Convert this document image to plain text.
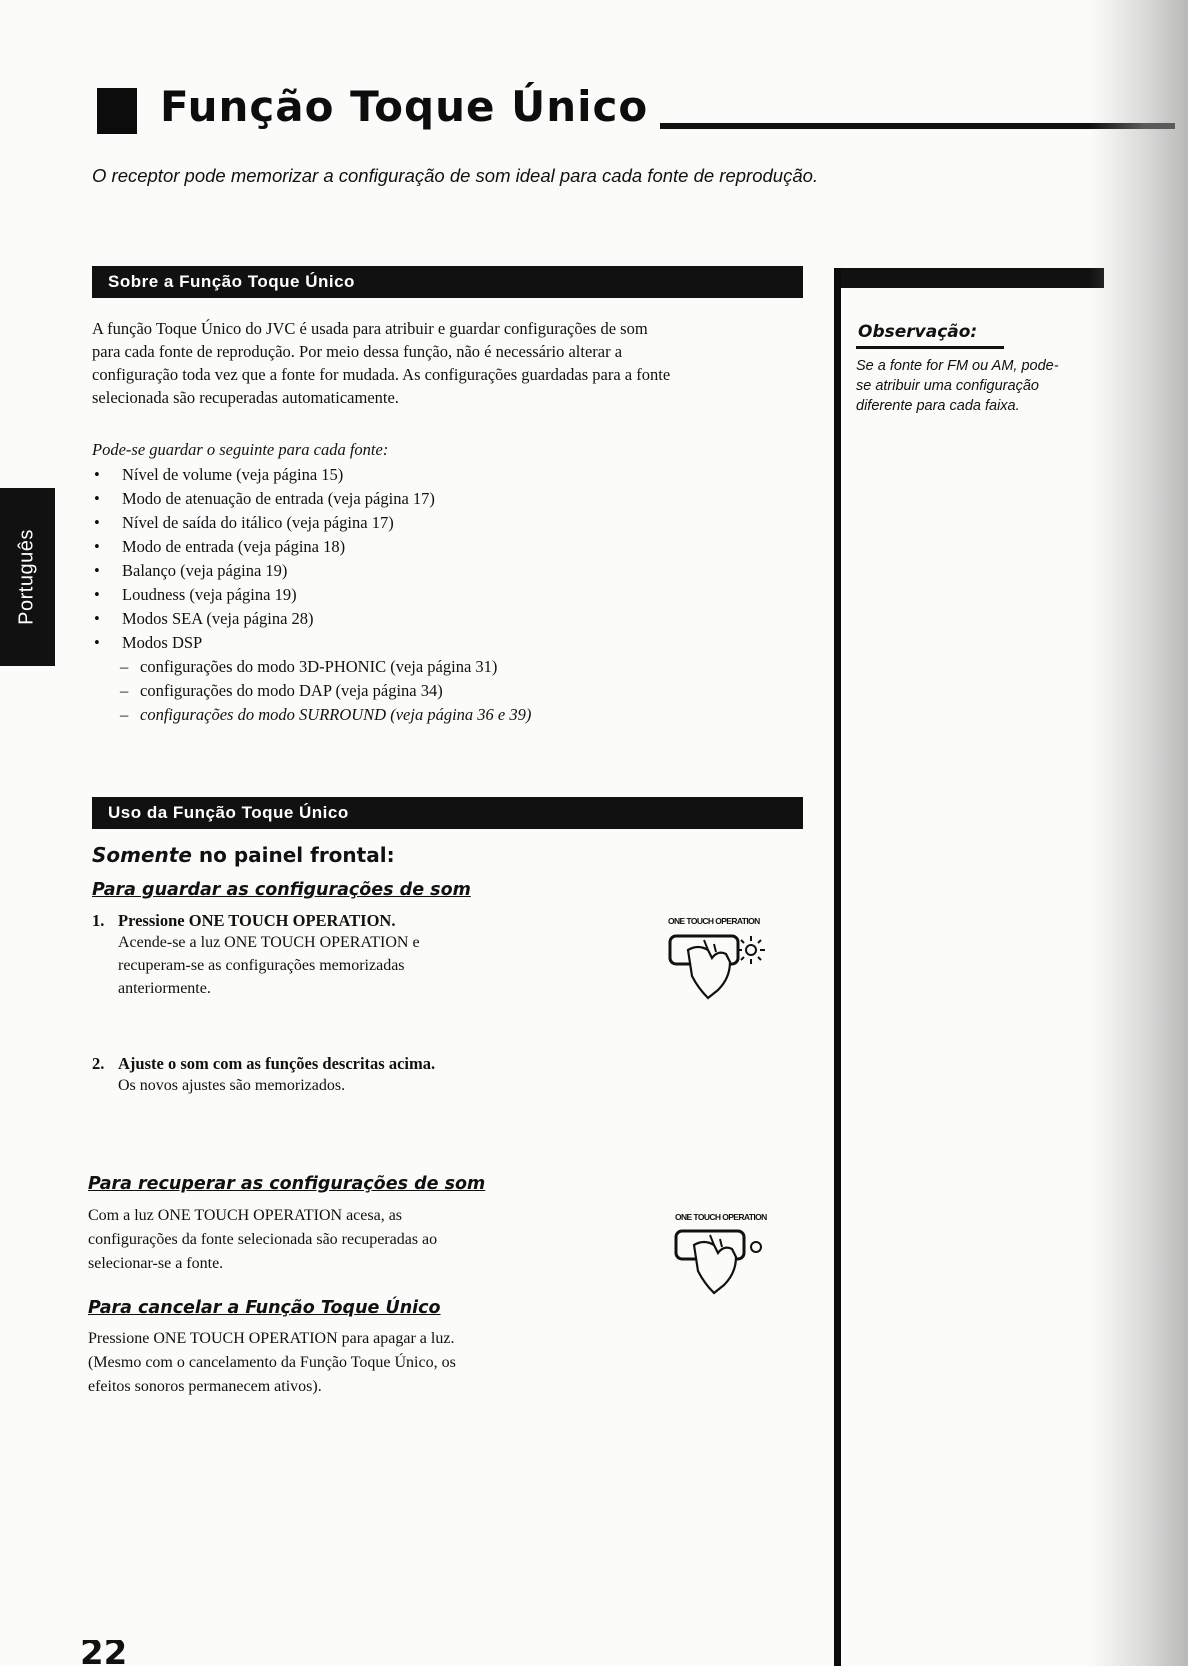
Função Toque Único
O receptor pode memorizar a configuração de som ideal para cada fonte de reprodução.
Sobre a Função Toque Único
A função Toque Único do JVC é usada para atribuir e guardar configurações de som
para cada fonte de reprodução. Por meio dessa função, não é necessário alterar a
configuração toda vez que a fonte for mudada. As configurações guardadas para a fonte
selecionada são recuperadas automaticamente.
Pode-se guardar o seguinte para cada fonte:
• Nível de volume (veja página 15)
• Modo de atenuação de entrada (veja página 17)
• Nível de saída do itálico (veja página 17)
• Modo de entrada (veja página 18)
• Balanço (veja página 19)
• Loudness (veja página 19)
• Modos SEA (veja página 28)
• Modos DSP
– configurações do modo 3D-PHONIC (veja página 31)
– configurações do modo DAP (veja página 34)
– configurações do modo SURROUND (veja página 36 e 39)
Uso da Função Toque Único
Somente no painel frontal:
Para guardar as configurações de som
1. Pressione ONE TOUCH OPERATION.
Acende-se a luz ONE TOUCH OPERATION e
recuperam-se as configurações memorizadas
anteriormente.
2. Ajuste o som com as funções descritas acima.
Os novos ajustes são memorizados.
ONE TOUCH OPERATION
Para recuperar as configurações de som
Com a luz ONE TOUCH OPERATION acesa, as
configurações da fonte selecionada são recuperadas ao
selecionar-se a fonte.
ONE TOUCH OPERATION
Para cancelar a Função Toque Único
Pressione ONE TOUCH OPERATION para apagar a luz.
(Mesmo com o cancelamento da Função Toque Único, os
efeitos sonoros permanecem ativos).
Observação:
Se a fonte for FM ou AM, pode-
se atribuir uma configuração
diferente para cada faixa.
Português
22
